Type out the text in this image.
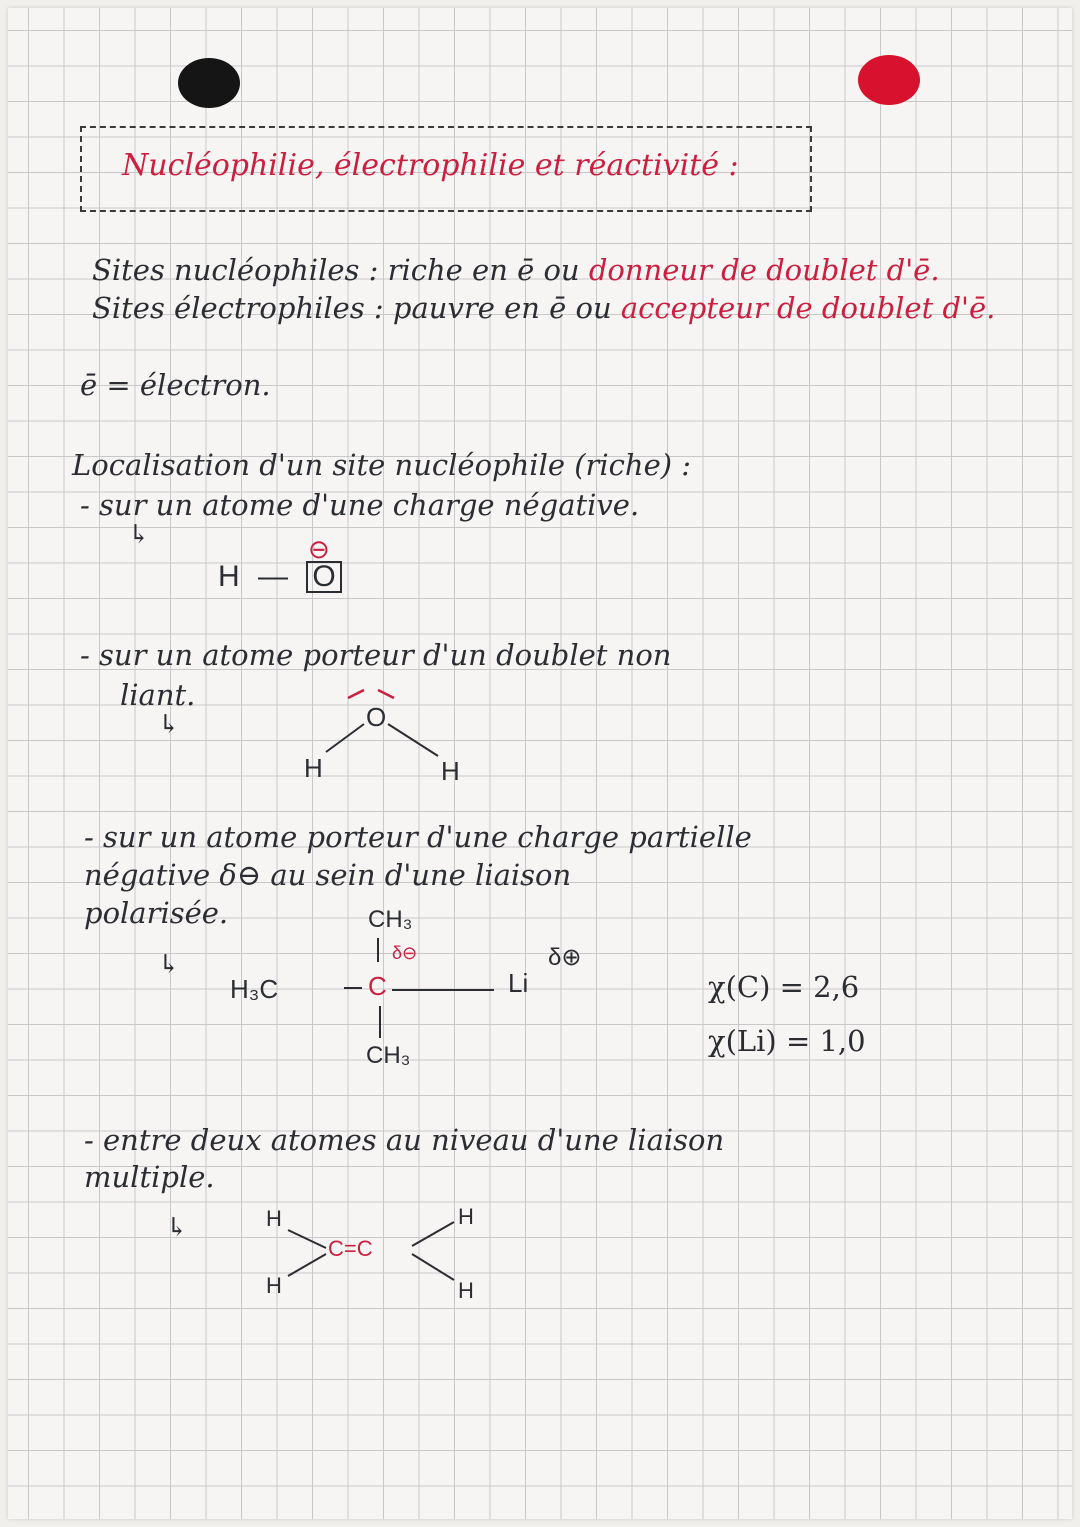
Nucléophilie, électrophilie et réactivité :
Sites nucléophiles : riche en ē ou donneur de doublet d'ē.
Sites électrophiles : pauvre en ē ou accepteur de doublet d'ē.
ē = électron.
Localisation d'un site nucléophile (riche) :
- sur un atome d'une charge négative.
↳
H — O
⊖
- sur un atome porteur d'un doublet non
liant.
↳	O
H	H
- sur un atome porteur d'une charge partielle
négative δ⊖ au sein d'une liaison
polarisée.
↳
CH₃
H₃C	C
CH₃
Li
δ⊖	δ⊕
χ(C) = 2,6
χ(Li) = 1,0
- entre deux atomes au niveau d'une liaison
multiple.
↳	H
H
H
H
C=C
